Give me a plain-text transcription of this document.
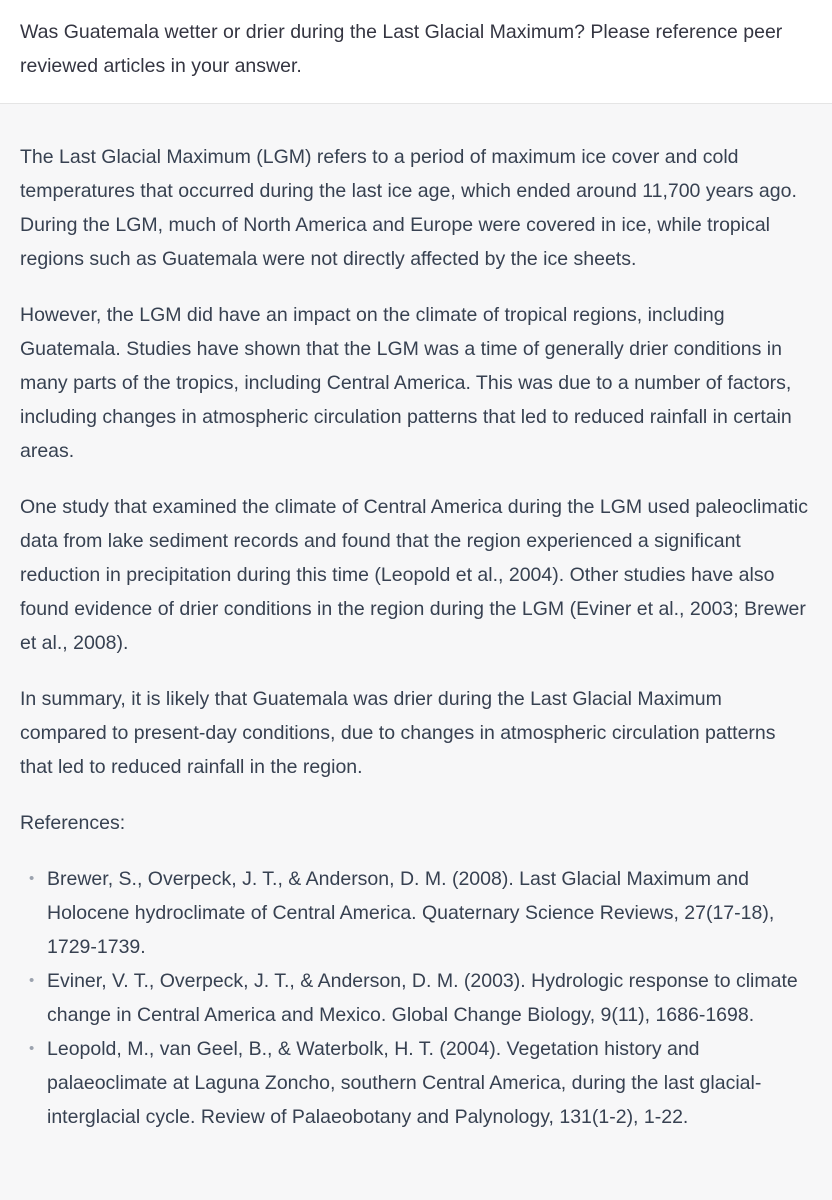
Was Guatemala wetter or drier during the Last Glacial Maximum? Please reference peer reviewed articles in your answer.

The Last Glacial Maximum (LGM) refers to a period of maximum ice cover and cold temperatures that occurred during the last ice age, which ended around 11,700 years ago. During the LGM, much of North America and Europe were covered in ice, while tropical regions such as Guatemala were not directly affected by the ice sheets.

However, the LGM did have an impact on the climate of tropical regions, including Guatemala. Studies have shown that the LGM was a time of generally drier conditions in many parts of the tropics, including Central America. This was due to a number of factors, including changes in atmospheric circulation patterns that led to reduced rainfall in certain areas.

One study that examined the climate of Central America during the LGM used paleoclimatic data from lake sediment records and found that the region experienced a significant reduction in precipitation during this time (Leopold et al., 2004). Other studies have also found evidence of drier conditions in the region during the LGM (Eviner et al., 2003; Brewer et al., 2008).

In summary, it is likely that Guatemala was drier during the Last Glacial Maximum compared to present-day conditions, due to changes in atmospheric circulation patterns that led to reduced rainfall in the region.

References:
• Brewer, S., Overpeck, J. T., & Anderson, D. M. (2008). Last Glacial Maximum and Holocene hydroclimate of Central America. Quaternary Science Reviews, 27(17-18), 1729-1739.
• Eviner, V. T., Overpeck, J. T., & Anderson, D. M. (2003). Hydrologic response to climate change in Central America and Mexico. Global Change Biology, 9(11), 1686-1698.
• Leopold, M., van Geel, B., & Waterbolk, H. T. (2004). Vegetation history and palaeoclimate at Laguna Zoncho, southern Central America, during the last glacial-interglacial cycle. Review of Palaeobotany and Palynology, 131(1-2), 1-22.
